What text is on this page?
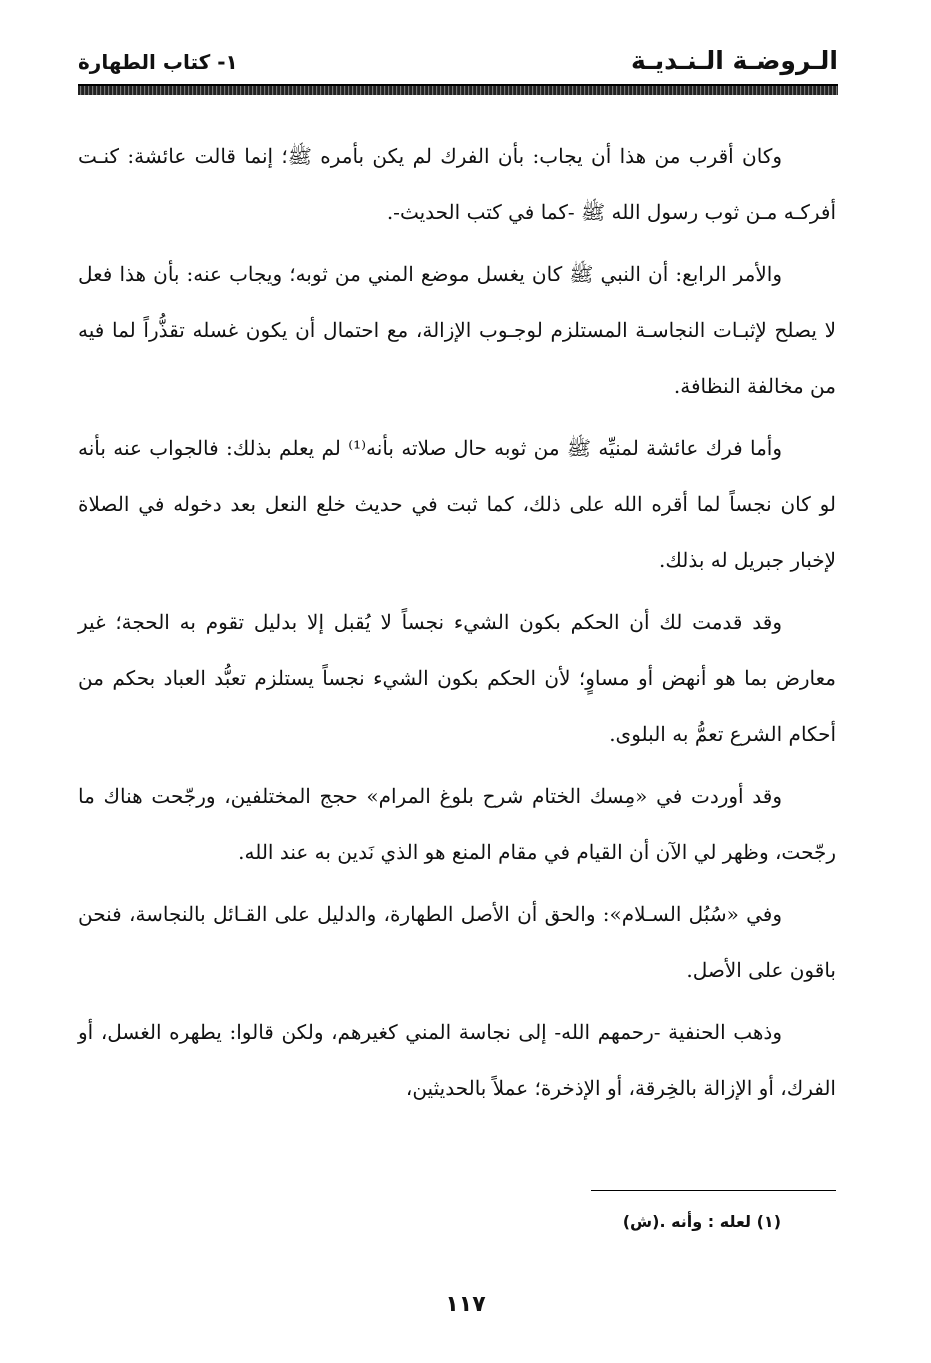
الـروضـة الـنـديـة
١- كتاب الطهارة

وكان أقرب من هذا أن يجاب: بأن الفرك لم يكن بأمره ﷺ؛ إنما قالت عائشة: كنـت أفركـه مـن ثوب رسول الله ﷺ -كما في كتب الحديث-.

والأمر الرابع: أن النبي ﷺ كان يغسل موضع المني من ثوبه؛ ويجاب عنه: بأن هذا فعل لا يصلح لإثبـات النجاسـة المستلزم لوجـوب الإزالة، مع احتمال أن يكون غسله تقذُّراً لما فيه من مخالفة النظافة.

وأما فرك عائشة لمنيِّه ﷺ من ثوبه حال صلاته بأنه⁽¹⁾ لم يعلم بذلك: فالجواب عنه بأنه لو كان نجساً لما أقره الله على ذلك، كما ثبت في حديث خلع النعل بعد دخوله في الصلاة لإخبار جبريل له بذلك.

وقد قدمت لك أن الحكم بكون الشيء نجساً لا يُقبل إلا بدليل تقوم به الحجة؛ غير معارض بما هو أنهض أو مساوٍ؛ لأن الحكم بكون الشيء نجساً يستلزم تعبُّد العباد بحكم من أحكام الشرع تعمُّ به البلوى.

وقد أوردت في «مِسك الختام شرح بلوغ المرام» حجج المختلفين، ورجّحت هناك ما رجّحت، وظهر لي الآن أن القيام في مقام المنع هو الذي نَدين به عند الله.

وفي «سُبُل السـلام»: والحق أن الأصل الطهارة، والدليل على القـائل بالنجاسة، فنحن باقون على الأصل.

وذهب الحنفية -رحمهم الله- إلى نجاسة المني كغيرهم، ولكن قالوا: يطهره الغسل، أو الفرك، أو الإزالة بالخِرقة، أو الإذخرة؛ عملاً بالحديثين،

(١) لعله : وأنه .(ش)
١١٧
